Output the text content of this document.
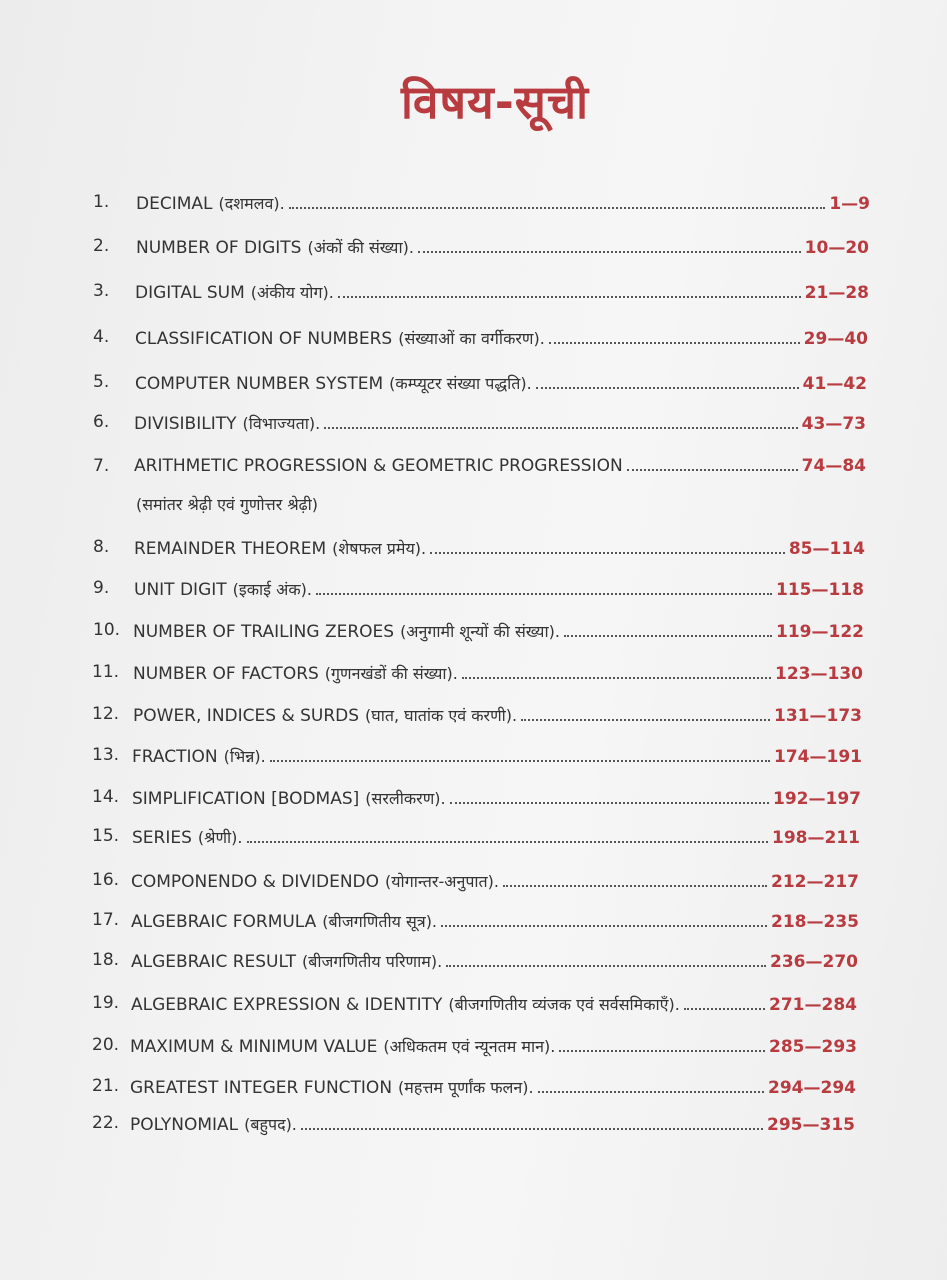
विषय-सूची
1. DECIMAL (दशमलव).	1—9
2. NUMBER OF DIGITS (अंकों की संख्या).	10—20
3. DIGITAL SUM (अंकीय योग).	21—28
4. CLASSIFICATION OF NUMBERS (संख्याओं का वर्गीकरण).	29—40
5. COMPUTER NUMBER SYSTEM (कम्प्यूटर संख्या पद्धति).	41—42
6. DIVISIBILITY (विभाज्यता).	43—73
7. ARITHMETIC PROGRESSION & GEOMETRIC PROGRESSION	74—84
(समांतर श्रेढ़ी एवं गुणोत्तर श्रेढ़ी)
8. REMAINDER THEOREM (शेषफल प्रमेय).	85—114
9. UNIT DIGIT (इकाई अंक).	115—118
10. NUMBER OF TRAILING ZEROES (अनुगामी शून्यों की संख्या).	119—122
11. NUMBER OF FACTORS (गुणनखंडों की संख्या).	123—130
12. POWER, INDICES & SURDS (घात, घातांक एवं करणी).	131—173
13. FRACTION (भिन्न).	174—191
14. SIMPLIFICATION [BODMAS] (सरलीकरण).	192—197
15. SERIES (श्रेणी).	198—211
16. COMPONENDO & DIVIDENDO (योगान्तर-अनुपात).	212—217
17. ALGEBRAIC FORMULA (बीजगणितीय सूत्र).	218—235
18. ALGEBRAIC RESULT (बीजगणितीय परिणाम).	236—270
19. ALGEBRAIC EXPRESSION & IDENTITY (बीजगणितीय व्यंजक एवं सर्वसमिकाएँ).	271—284
20. MAXIMUM & MINIMUM VALUE (अधिकतम एवं न्यूनतम मान).	285—293
21. GREATEST INTEGER FUNCTION (महत्तम पूर्णांक फलन).	294—294
22. POLYNOMIAL (बहुपद).	295—315
